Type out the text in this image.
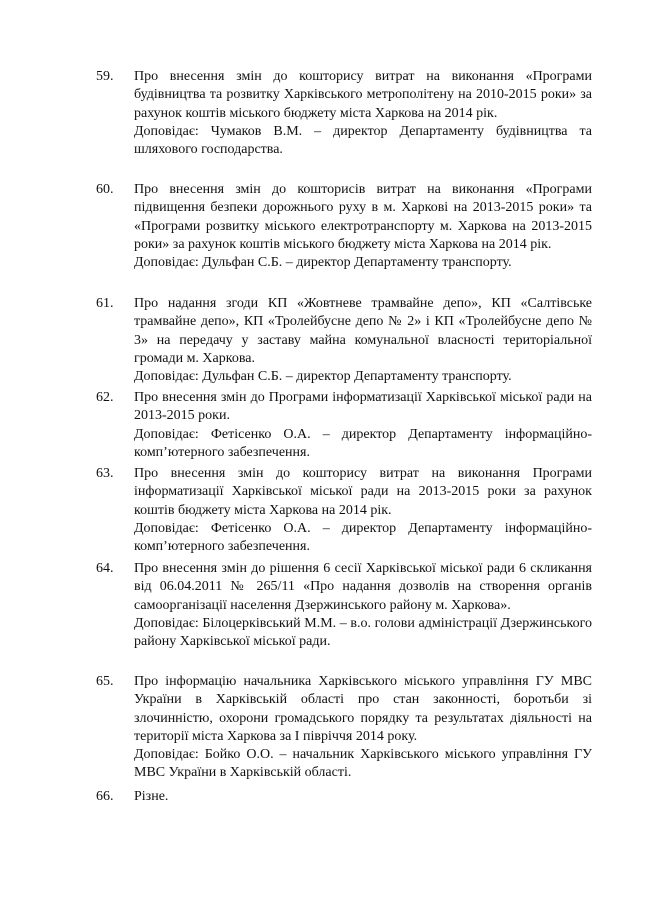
59.	Про внесення змін до кошторису витрат на виконання «Програми будівництва та розвитку Харківського метрополітену на 2010-2015 роки» за рахунок коштів міського бюджету міста Харкова на 2014 рік.

Доповідає: Чумаков В.М. – директор Департаменту будівництва та шляхового господарства.

60.	Про внесення змін до кошторисів витрат на виконання «Програми підвищення безпеки дорожнього руху в м. Харкові на 2013-2015 роки» та «Програми розвитку міського електротранспорту м. Харкова на 2013-2015 роки» за рахунок коштів міського бюджету міста Харкова на 2014 рік.

Доповідає: Дульфан С.Б. – директор Департаменту транспорту.

61.	Про надання згоди КП «Жовтневе трамвайне депо», КП «Салтівське трамвайне депо», КП «Тролейбусне депо № 2» і КП «Тролейбусне депо № 3» на передачу у заставу майна комунальної власності територіальної громади м. Харкова.

Доповідає: Дульфан С.Б. – директор Департаменту транспорту.

62.	Про внесення змін до Програми інформатизації Харківської міської ради на 2013-2015 роки.

Доповідає: Фетісенко О.А. – директор Департаменту інформаційно-комп’ютерного забезпечення.

63.	Про внесення змін до кошторису витрат на виконання Програми інформатизації Харківської міської ради на 2013-2015 роки за рахунок коштів бюджету міста Харкова на 2014 рік.

Доповідає: Фетісенко О.А. – директор Департаменту інформаційно-комп’ютерного забезпечення.

64.	Про внесення змін до рішення 6 сесії Харківської міської ради 6 скликання від 06.04.2011 № 265/11 «Про надання дозволів на створення органів самоорганізації населення Дзержинського району м. Харкова».

Доповідає: Білоцерківський М.М. – в.о. голови адміністрації Дзержинського району Харківської міської ради.

65.	Про інформацію начальника Харківського міського управління ГУ МВС України в Харківській області про стан законності, боротьби зі злочинністю, охорони громадського порядку та результатах діяльності на території міста Харкова за І півріччя 2014 року.

Доповідає: Бойко О.О. – начальник Харківського міського управління ГУ МВС України в Харківській області.

66.	Різне.
